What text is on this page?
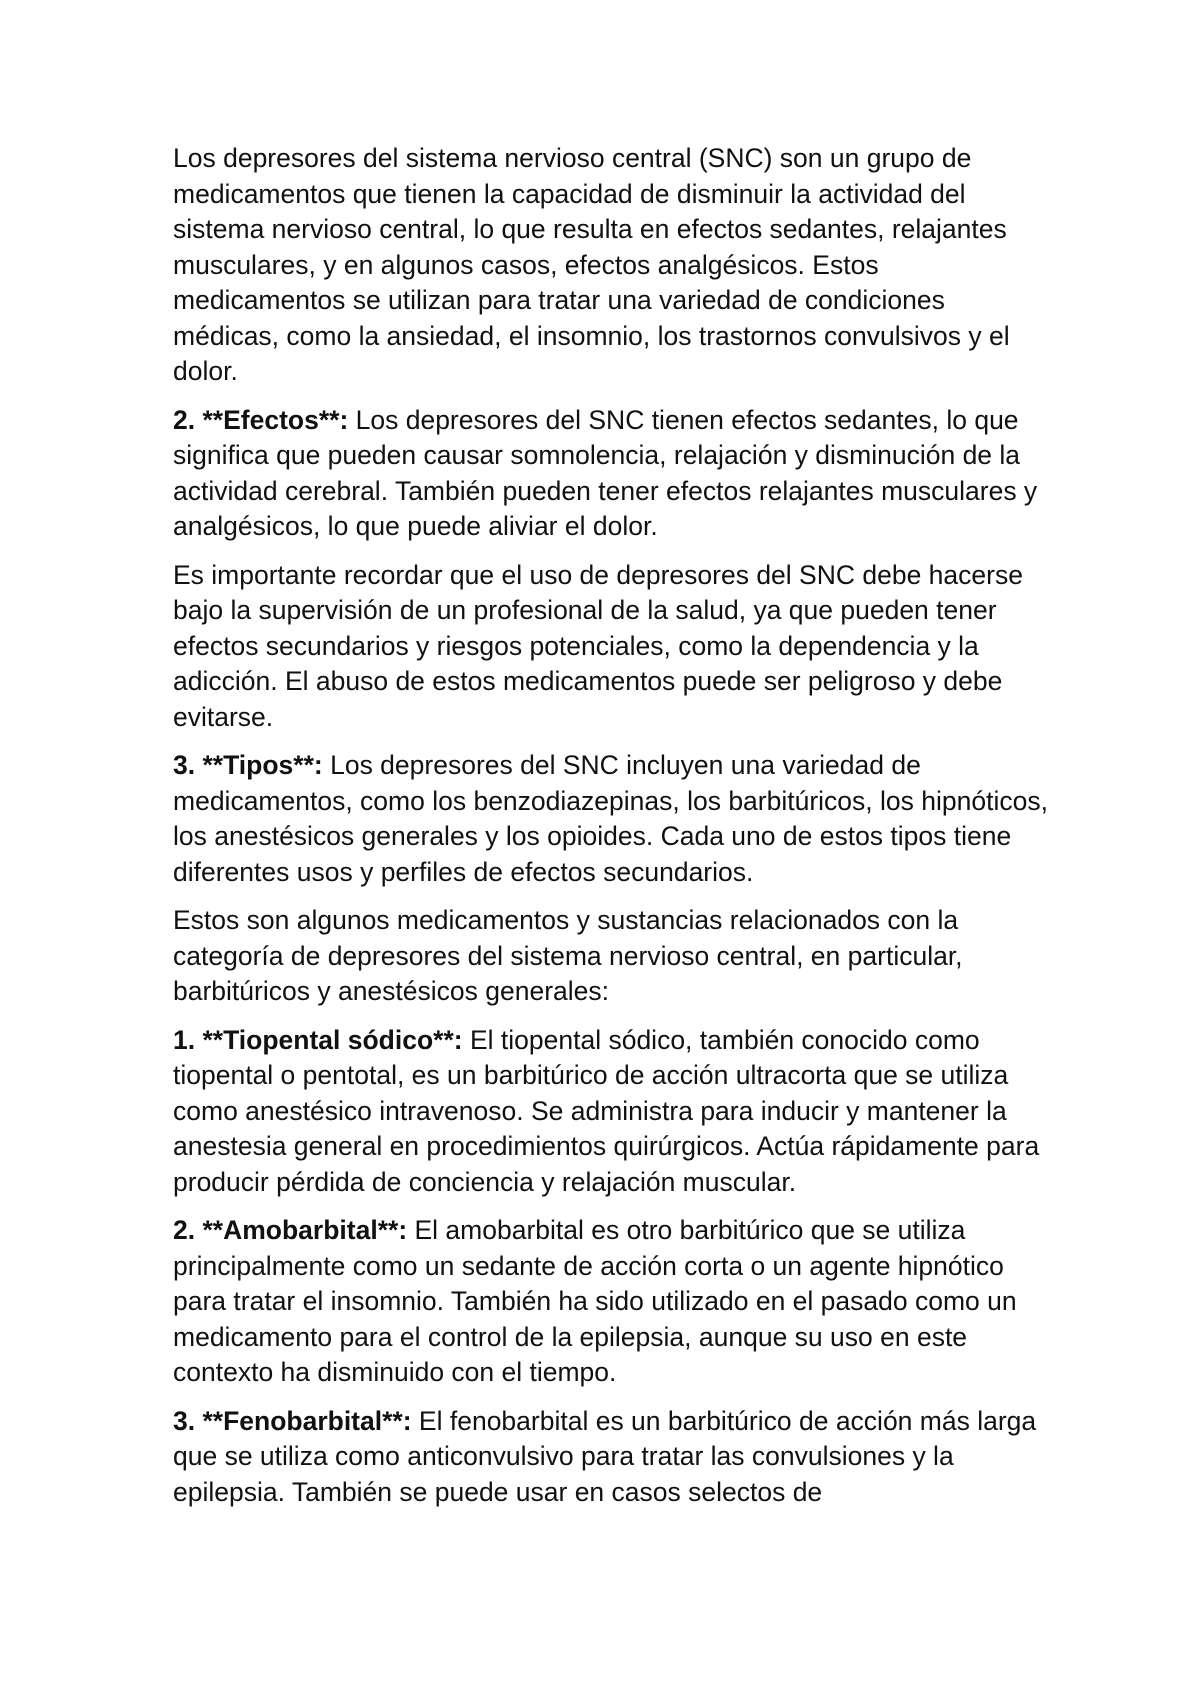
Los depresores del sistema nervioso central (SNC) son un grupo de medicamentos que tienen la capacidad de disminuir la actividad del sistema nervioso central, lo que resulta en efectos sedantes, relajantes musculares, y en algunos casos, efectos analgésicos. Estos medicamentos se utilizan para tratar una variedad de condiciones médicas, como la ansiedad, el insomnio, los trastornos convulsivos y el dolor.

2. **Efectos**: Los depresores del SNC tienen efectos sedantes, lo que significa que pueden causar somnolencia, relajación y disminución de la actividad cerebral. También pueden tener efectos relajantes musculares y analgésicos, lo que puede aliviar el dolor.

Es importante recordar que el uso de depresores del SNC debe hacerse bajo la supervisión de un profesional de la salud, ya que pueden tener efectos secundarios y riesgos potenciales, como la dependencia y la adicción. El abuso de estos medicamentos puede ser peligroso y debe evitarse.

3. **Tipos**: Los depresores del SNC incluyen una variedad de medicamentos, como los benzodiazepinas, los barbitúricos, los hipnóticos, los anestésicos generales y los opioides. Cada uno de estos tipos tiene diferentes usos y perfiles de efectos secundarios.

Estos son algunos medicamentos y sustancias relacionados con la categoría de depresores del sistema nervioso central, en particular, barbitúricos y anestésicos generales:

1. **Tiopental sódico**: El tiopental sódico, también conocido como tiopental o pentotal, es un barbitúrico de acción ultracorta que se utiliza como anestésico intravenoso. Se administra para inducir y mantener la anestesia general en procedimientos quirúrgicos. Actúa rápidamente para producir pérdida de conciencia y relajación muscular.

2. **Amobarbital**: El amobarbital es otro barbitúrico que se utiliza principalmente como un sedante de acción corta o un agente hipnótico para tratar el insomnio. También ha sido utilizado en el pasado como un medicamento para el control de la epilepsia, aunque su uso en este contexto ha disminuido con el tiempo.

3. **Fenobarbital**: El fenobarbital es un barbitúrico de acción más larga que se utiliza como anticonvulsivo para tratar las convulsiones y la epilepsia. También se puede usar en casos selectos de
